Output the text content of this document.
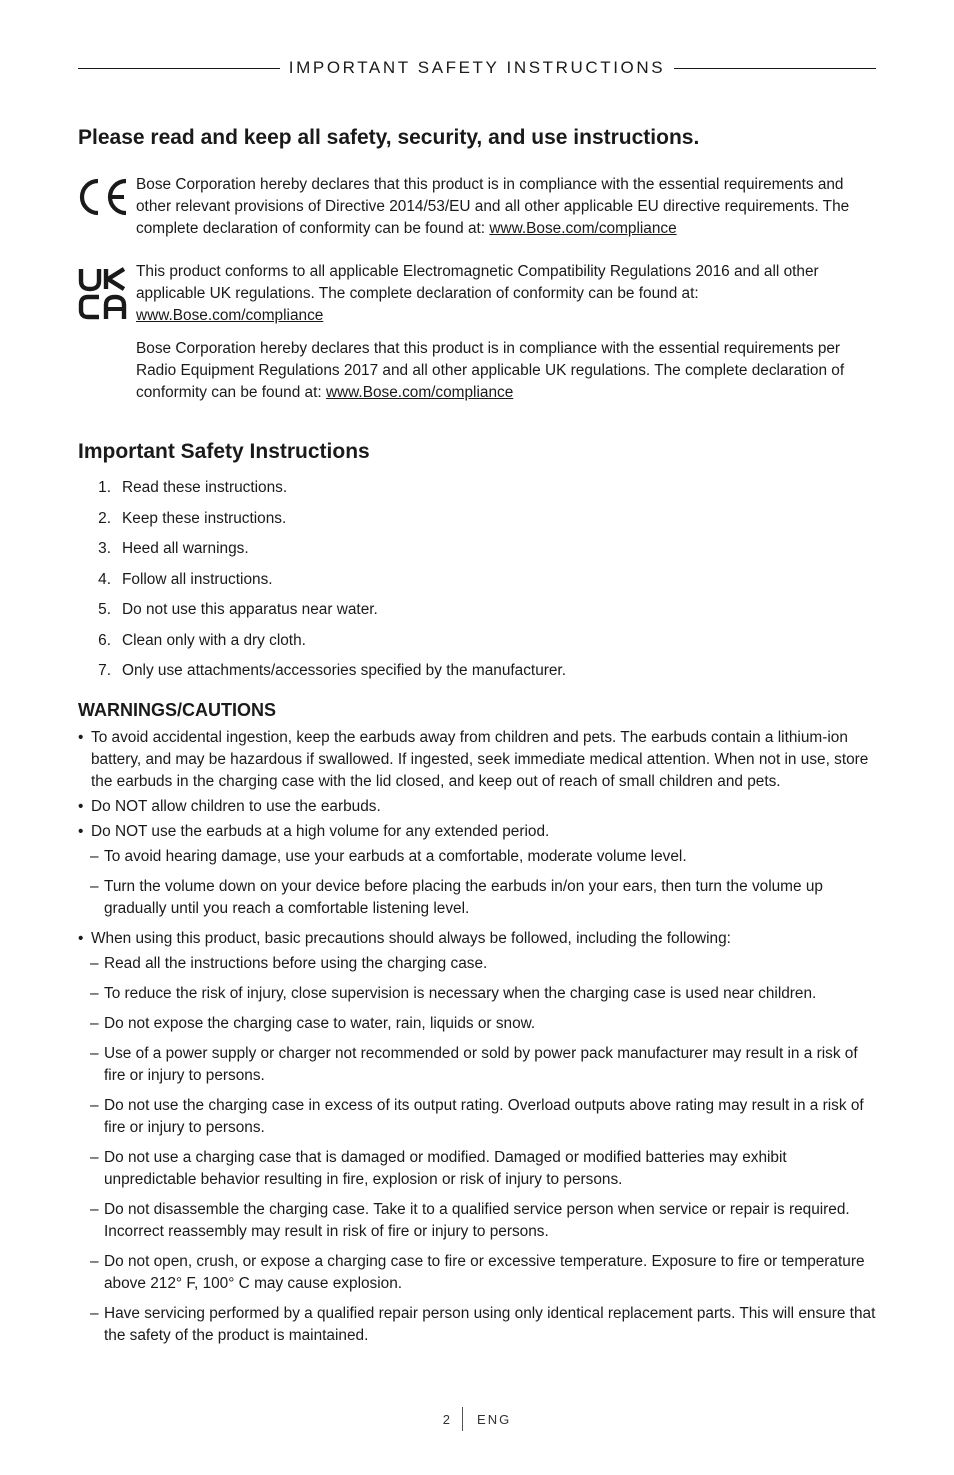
IMPORTANT SAFETY INSTRUCTIONS
Please read and keep all safety, security, and use instructions.

Bose Corporation hereby declares that this product is in compliance with the essential requirements and other relevant provisions of Directive 2014/53/EU and all other applicable EU directive requirements. The complete declaration of conformity can be found at: www.Bose.com/compliance

This product conforms to all applicable Electromagnetic Compatibility Regulations 2016 and all other applicable UK regulations. The complete declaration of conformity can be found at: www.Bose.com/compliance

Bose Corporation hereby declares that this product is in compliance with the essential requirements per Radio Equipment Regulations 2017 and all other applicable UK regulations. The complete declaration of conformity can be found at: www.Bose.com/compliance

Important Safety Instructions
1. Read these instructions.
2. Keep these instructions.
3. Heed all warnings.
4. Follow all instructions.
5. Do not use this apparatus near water.
6. Clean only with a dry cloth.
7. Only use attachments/accessories specified by the manufacturer.
WARNINGS/CAUTIONS
• To avoid accidental ingestion, keep the earbuds away from children and pets. The earbuds contain a lithium-ion battery, and may be hazardous if swallowed. If ingested, seek immediate medical attention. When not in use, store the earbuds in the charging case with the lid closed, and keep out of reach of small children and pets.
• Do NOT allow children to use the earbuds.
• Do NOT use the earbuds at a high volume for any extended period.
– To avoid hearing damage, use your earbuds at a comfortable, moderate volume level.
– Turn the volume down on your device before placing the earbuds in/on your ears, then turn the volume up gradually until you reach a comfortable listening level.
• When using this product, basic precautions should always be followed, including the following:
– Read all the instructions before using the charging case.
– To reduce the risk of injury, close supervision is necessary when the charging case is used near children.
– Do not expose the charging case to water, rain, liquids or snow.
– Use of a power supply or charger not recommended or sold by power pack manufacturer may result in a risk of fire or injury to persons.
– Do not use the charging case in excess of its output rating. Overload outputs above rating may result in a risk of fire or injury to persons.
– Do not use a charging case that is damaged or modified. Damaged or modified batteries may exhibit unpredictable behavior resulting in fire, explosion or risk of injury to persons.
– Do not disassemble the charging case. Take it to a qualified service person when service or repair is required. Incorrect reassembly may result in risk of fire or injury to persons.
– Do not open, crush, or expose a charging case to fire or excessive temperature. Exposure to fire or temperature above 212° F, 100° C may cause explosion.
– Have servicing performed by a qualified repair person using only identical replacement parts. This will ensure that the safety of the product is maintained.
2	ENG
